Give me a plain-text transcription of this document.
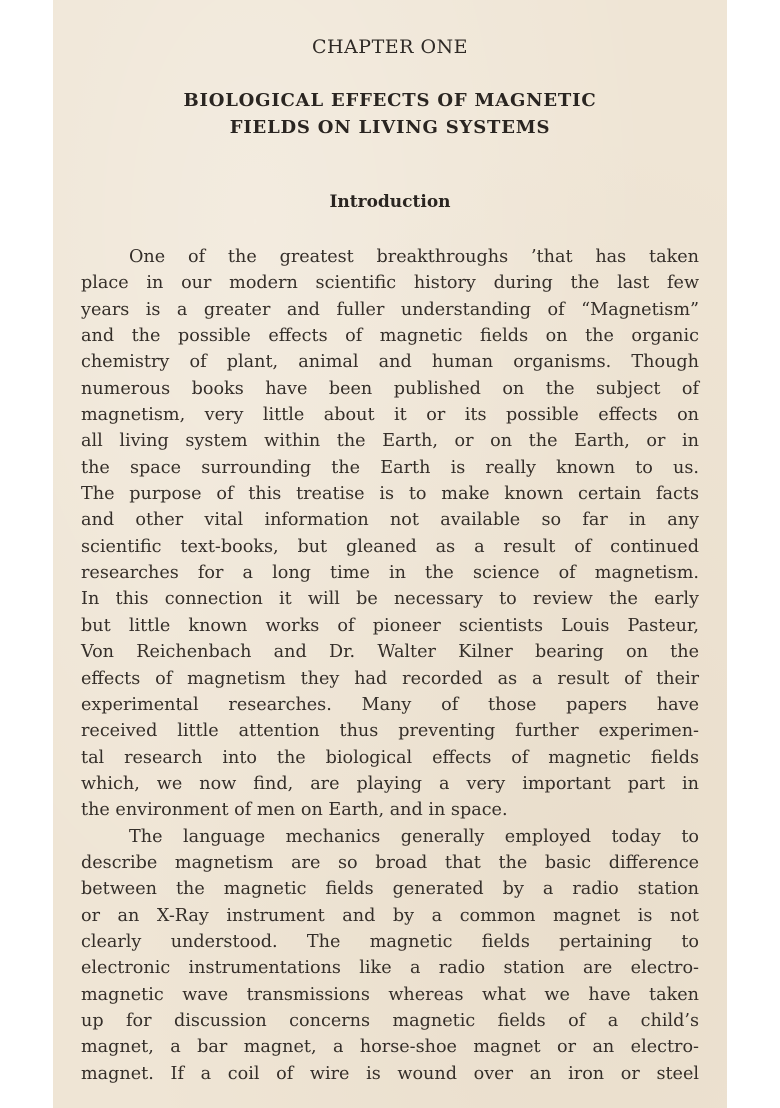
CHAPTER ONE
BIOLOGICAL EFFECTS OF MAGNETIC
FIELDS ON LIVING SYSTEMS
Introduction
One of the greatest breakthroughs ’that has taken
place in our modern scientific history during the last few
years is a greater and fuller understanding of “Magnetism”
and the possible effects of magnetic fields on the organic
chemistry of plant, animal and human organisms. Though
numerous books have been published on the subject of
magnetism, very little about it or its possible effects on
all living system within the Earth, or on the Earth, or in
the space surrounding the Earth is really known to us.
The purpose of this treatise is to make known certain facts
and other vital information not available so far in any
scientific text-books, but gleaned as a result of continued
researches for a long time in the science of magnetism.
In this connection it will be necessary to review the early
but little known works of pioneer scientists Louis Pasteur,
Von Reichenbach and Dr. Walter Kilner bearing on the
effects of magnetism they had recorded as a result of their
experimental researches. Many of those papers have
received little attention thus preventing further experimen-
tal research into the biological effects of magnetic fields
which, we now find, are playing a very important part in
the environment of men on Earth, and in space.
The language mechanics generally employed today to
describe magnetism are so broad that the basic difference
between the magnetic fields generated by a radio station
or an X-Ray instrument and by a common magnet is not
clearly understood. The magnetic fields pertaining to
electronic instrumentations like a radio station are electro-
magnetic wave transmissions whereas what we have taken
up for discussion concerns magnetic fields of a child’s
magnet, a bar magnet, a horse-shoe magnet or an electro-
magnet. If a coil of wire is wound over an iron or steel
